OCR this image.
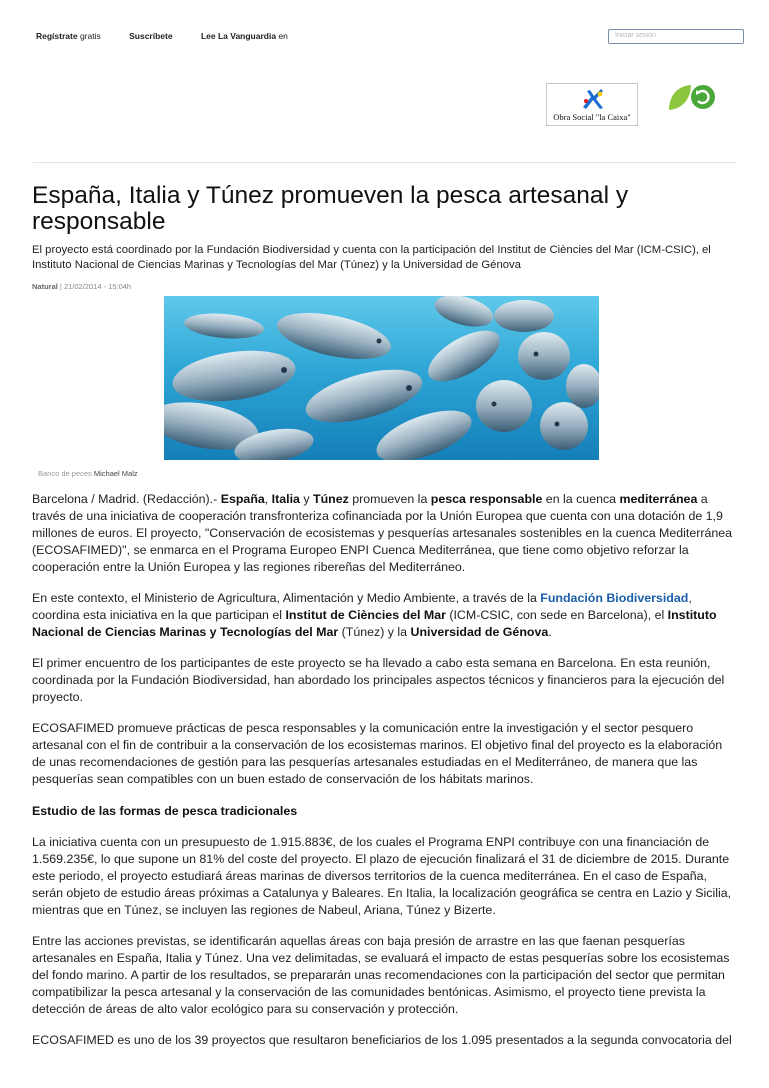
Regístrate gratis	Suscríbete	Lee La Vanguardia en	Iniciar sesión
Obra Social "la Caixa"
España, Italia y Túnez promueven la pesca artesanal y responsable
El proyecto está coordinado por la Fundación Biodiversidad y cuenta con la participación del Institut de Ciències del Mar (ICM-CSIC), el Instituto Nacional de Ciencias Marinas y Tecnologías del Mar (Túnez) y la Universidad de Génova
Natural | 21/02/2014 - 15:04h
Banco de peces Michael Malz

Barcelona / Madrid. (Redacción).- España, Italia y Túnez promueven la pesca responsable en la cuenca mediterránea a través de una iniciativa de cooperación transfronteriza cofinanciada por la Unión Europea que cuenta con una dotación de 1,9 millones de euros. El proyecto, "Conservación de ecosistemas y pesquerías artesanales sostenibles en la cuenca Mediterránea (ECOSAFIMED)", se enmarca en el Programa Europeo ENPI Cuenca Mediterránea, que tiene como objetivo reforzar la cooperación entre la Unión Europea y las regiones ribereñas del Mediterráneo.

En este contexto, el Ministerio de Agricultura, Alimentación y Medio Ambiente, a través de la Fundación Biodiversidad, coordina esta iniciativa en la que participan el Institut de Ciències del Mar (ICM-CSIC, con sede en Barcelona), el Instituto Nacional de Ciencias Marinas y Tecnologías del Mar (Túnez) y la Universidad de Génova.

El primer encuentro de los participantes de este proyecto se ha llevado a cabo esta semana en Barcelona. En esta reunión, coordinada por la Fundación Biodiversidad, han abordado los principales aspectos técnicos y financieros para la ejecución del proyecto.

ECOSAFIMED promueve prácticas de pesca responsables y la comunicación entre la investigación y el sector pesquero artesanal con el fin de contribuir a la conservación de los ecosistemas marinos. El objetivo final del proyecto es la elaboración de unas recomendaciones de gestión para las pesquerías artesanales estudiadas en el Mediterráneo, de manera que las pesquerías sean compatibles con un buen estado de conservación de los hábitats marinos.

Estudio de las formas de pesca tradicionales

La iniciativa cuenta con un presupuesto de 1.915.883€, de los cuales el Programa ENPI contribuye con una financiación de 1.569.235€, lo que supone un 81% del coste del proyecto. El plazo de ejecución finalizará el 31 de diciembre de 2015. Durante este periodo, el proyecto estudiará áreas marinas de diversos territorios de la cuenca mediterránea. En el caso de España, serán objeto de estudio áreas próximas a Catalunya y Baleares. En Italia, la localización geográfica se centra en Lazio y Sicilia, mientras que en Túnez, se incluyen las regiones de Nabeul, Ariana, Túnez y Bizerte.

Entre las acciones previstas, se identificarán aquellas áreas con baja presión de arrastre en las que faenan pesquerías artesanales en España, Italia y Túnez. Una vez delimitadas, se evaluará el impacto de estas pesquerías sobre los ecosistemas del fondo marino. A partir de los resultados, se prepararán unas recomendaciones con la participación del sector que permitan compatibilizar la pesca artesanal y la conservación de las comunidades bentónicas. Asimismo, el proyecto tiene prevista la detección de áreas de alto valor ecológico para su conservación y protección.

ECOSAFIMED es uno de los 39 proyectos que resultaron beneficiarios de los 1.095 presentados a la segunda convocatoria del
